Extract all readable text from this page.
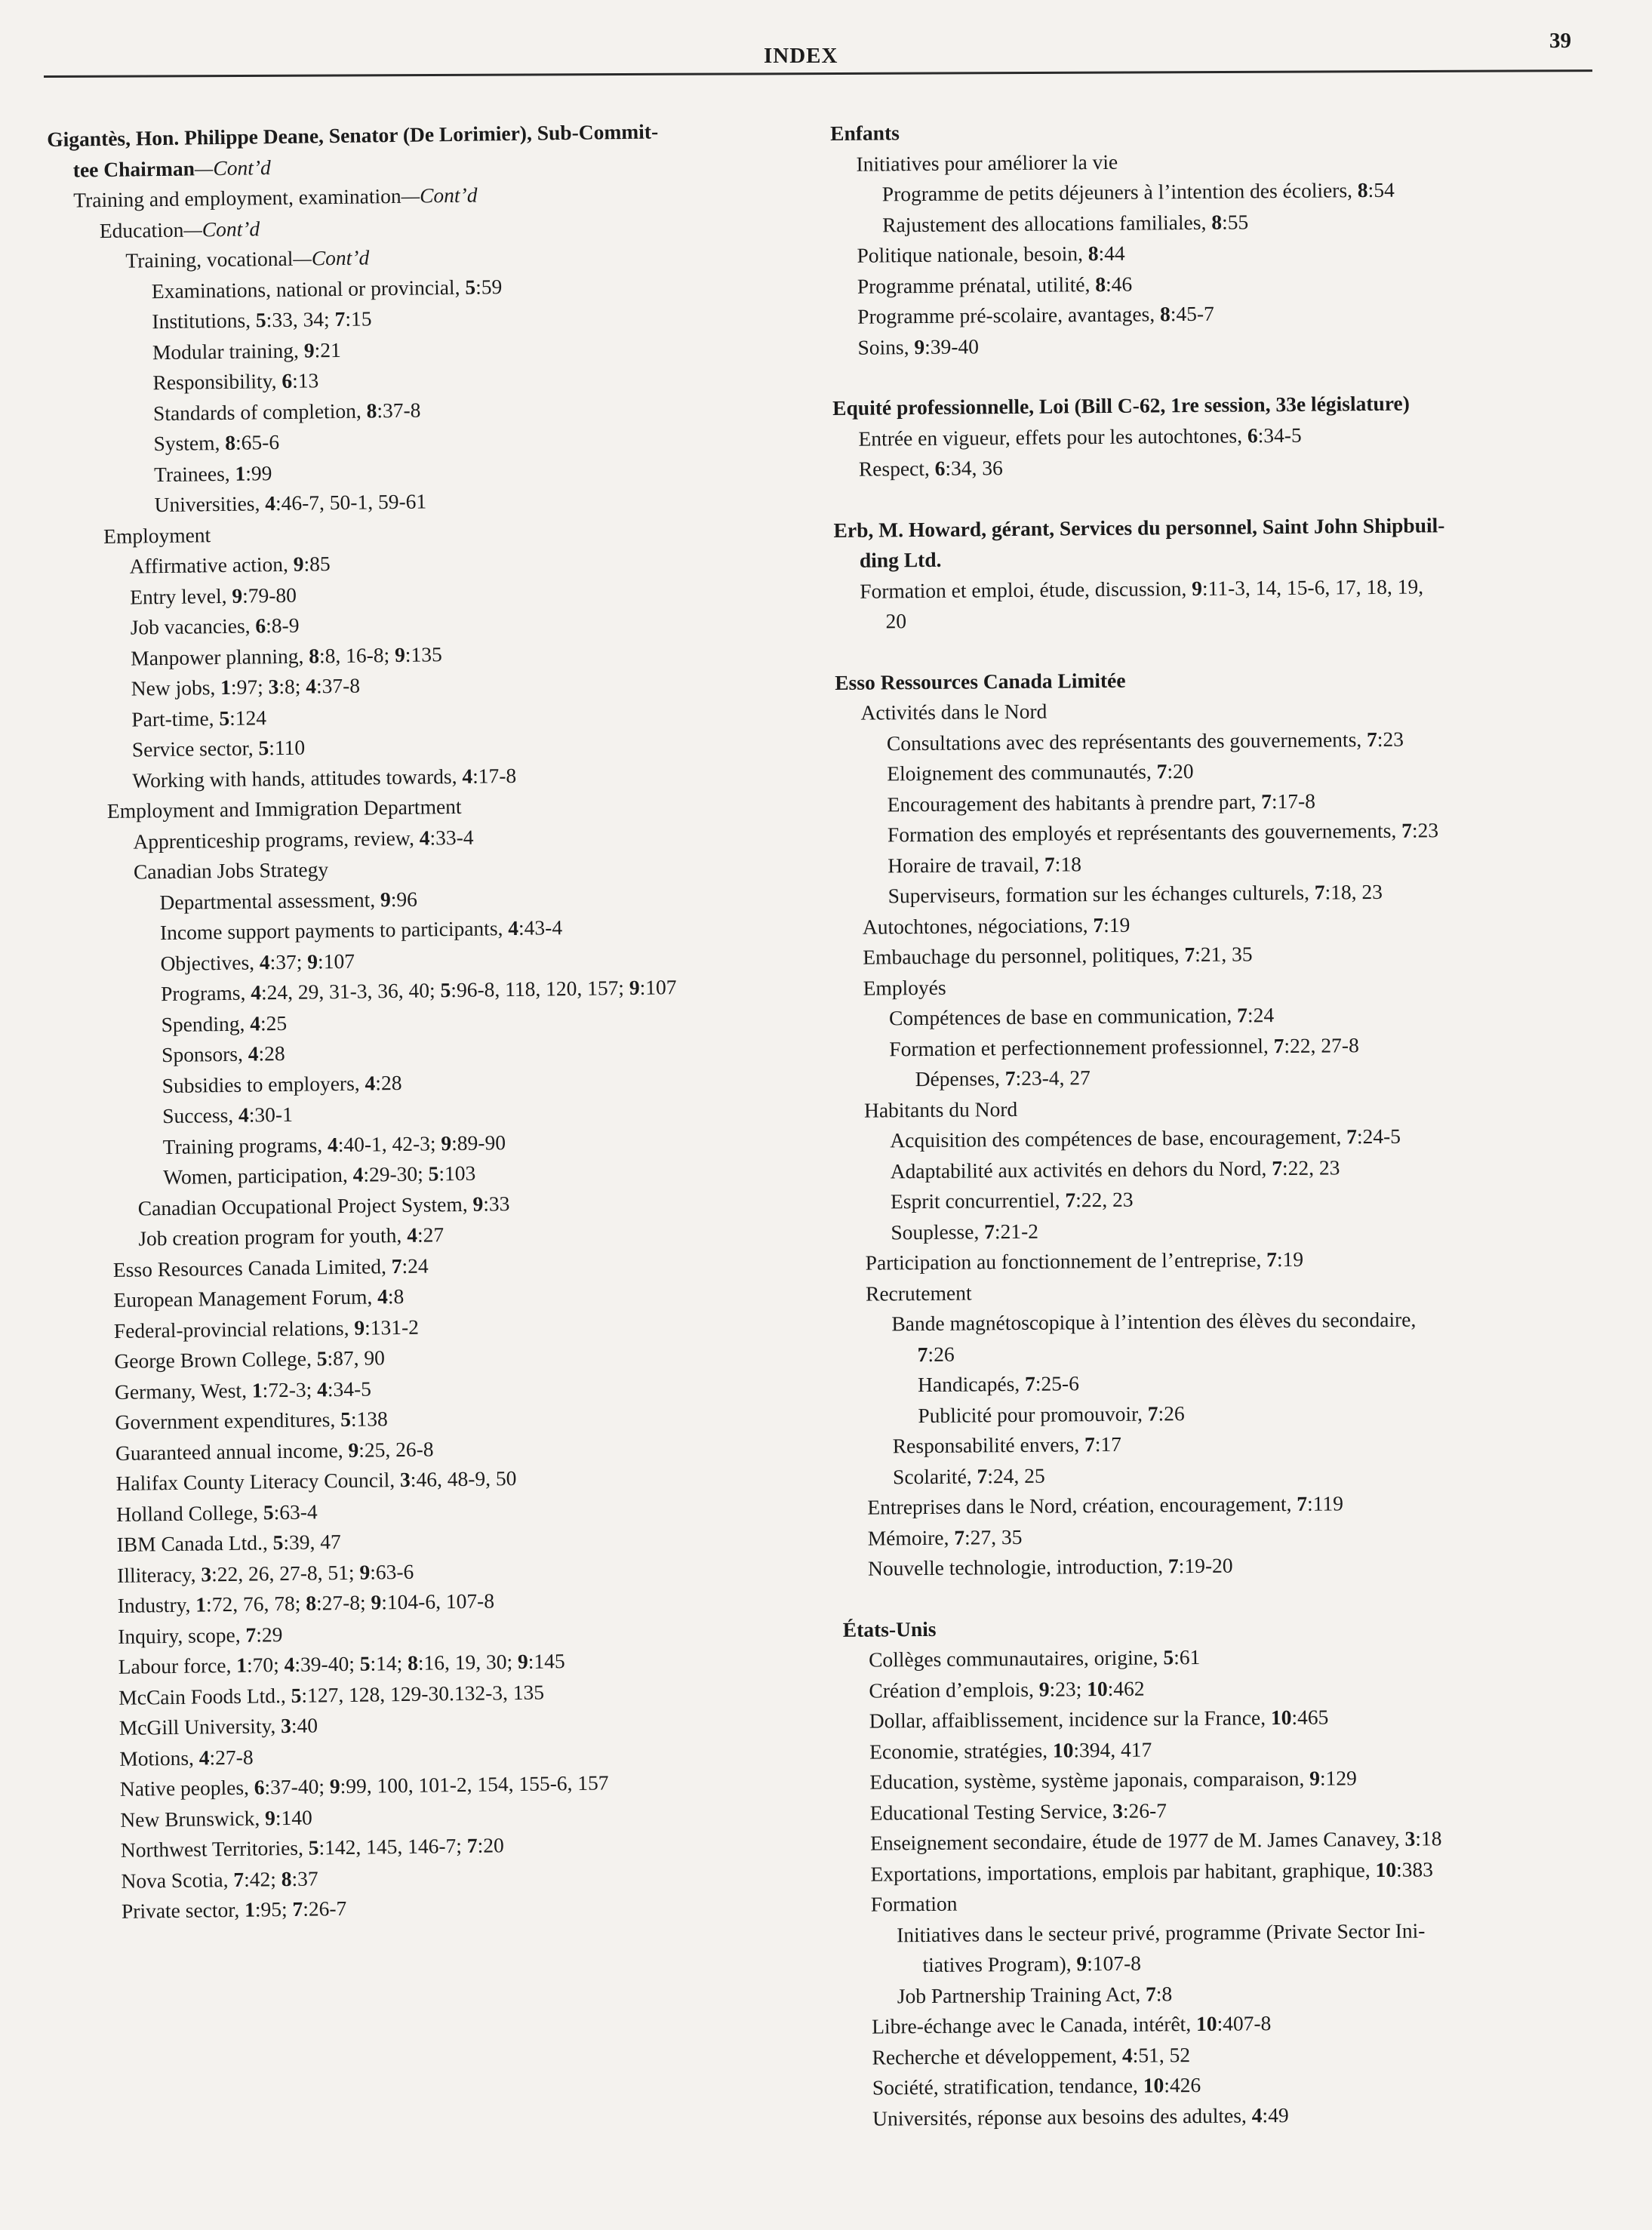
INDEX
39
Gigantès, Hon. Philippe Deane, Senator (De Lorimier), Sub-Commit-
tee Chairman—Cont’d
Training and employment, examination—Cont’d
Education—Cont’d
Training, vocational—Cont’d
Examinations, national or provincial, 5:59
Institutions, 5:33, 34; 7:15
Modular training, 9:21
Responsibility, 6:13
Standards of completion, 8:37-8
System, 8:65-6
Trainees, 1:99
Universities, 4:46-7, 50-1, 59-61
Employment
Affirmative action, 9:85
Entry level, 9:79-80
Job vacancies, 6:8-9
Manpower planning, 8:8, 16-8; 9:135
New jobs, 1:97; 3:8; 4:37-8
Part-time, 5:124
Service sector, 5:110
Working with hands, attitudes towards, 4:17-8
Employment and Immigration Department
Apprenticeship programs, review, 4:33-4
Canadian Jobs Strategy
Departmental assessment, 9:96
Income support payments to participants, 4:43-4
Objectives, 4:37; 9:107
Programs, 4:24, 29, 31-3, 36, 40; 5:96-8, 118, 120, 157; 9:107
Spending, 4:25
Sponsors, 4:28
Subsidies to employers, 4:28
Success, 4:30-1
Training programs, 4:40-1, 42-3; 9:89-90
Women, participation, 4:29-30; 5:103
Canadian Occupational Project System, 9:33
Job creation program for youth, 4:27
Esso Resources Canada Limited, 7:24
European Management Forum, 4:8
Federal-provincial relations, 9:131-2
George Brown College, 5:87, 90
Germany, West, 1:72-3; 4:34-5
Government expenditures, 5:138
Guaranteed annual income, 9:25, 26-8
Halifax County Literacy Council, 3:46, 48-9, 50
Holland College, 5:63-4
IBM Canada Ltd., 5:39, 47
Illiteracy, 3:22, 26, 27-8, 51; 9:63-6
Industry, 1:72, 76, 78; 8:27-8; 9:104-6, 107-8
Inquiry, scope, 7:29
Labour force, 1:70; 4:39-40; 5:14; 8:16, 19, 30; 9:145
McCain Foods Ltd., 5:127, 128, 129-30.132-3, 135
McGill University, 3:40
Motions, 4:27-8
Native peoples, 6:37-40; 9:99, 100, 101-2, 154, 155-6, 157
New Brunswick, 9:140
Northwest Territories, 5:142, 145, 146-7; 7:20
Nova Scotia, 7:42; 8:37
Private sector, 1:95; 7:26-7
Enfants
Initiatives pour améliorer la vie
Programme de petits déjeuners à l’intention des écoliers, 8:54
Rajustement des allocations familiales, 8:55
Politique nationale, besoin, 8:44
Programme prénatal, utilité, 8:46
Programme pré-scolaire, avantages, 8:45-7
Soins, 9:39-40
Equité professionnelle, Loi (Bill C-62, 1re session, 33e législature)
Entrée en vigueur, effets pour les autochtones, 6:34-5
Respect, 6:34, 36
Erb, M. Howard, gérant, Services du personnel, Saint John Shipbuil-
ding Ltd.
Formation et emploi, étude, discussion, 9:11-3, 14, 15-6, 17, 18, 19,
20
Esso Ressources Canada Limitée
Activités dans le Nord
Consultations avec des représentants des gouvernements, 7:23
Eloignement des communautés, 7:20
Encouragement des habitants à prendre part, 7:17-8
Formation des employés et représentants des gouvernements, 7:23
Horaire de travail, 7:18
Superviseurs, formation sur les échanges culturels, 7:18, 23
Autochtones, négociations, 7:19
Embauchage du personnel, politiques, 7:21, 35
Employés
Compétences de base en communication, 7:24
Formation et perfectionnement professionnel, 7:22, 27-8
Dépenses, 7:23-4, 27
Habitants du Nord
Acquisition des compétences de base, encouragement, 7:24-5
Adaptabilité aux activités en dehors du Nord, 7:22, 23
Esprit concurrentiel, 7:22, 23
Souplesse, 7:21-2
Participation au fonctionnement de l’entreprise, 7:19
Recrutement
Bande magnétoscopique à l’intention des élèves du secondaire,
7:26
Handicapés, 7:25-6
Publicité pour promouvoir, 7:26
Responsabilité envers, 7:17
Scolarité, 7:24, 25
Entreprises dans le Nord, création, encouragement, 7:119
Mémoire, 7:27, 35
Nouvelle technologie, introduction, 7:19-20
États-Unis
Collèges communautaires, origine, 5:61
Création d’emplois, 9:23; 10:462
Dollar, affaiblissement, incidence sur la France, 10:465
Economie, stratégies, 10:394, 417
Education, système, système japonais, comparaison, 9:129
Educational Testing Service, 3:26-7
Enseignement secondaire, étude de 1977 de M. James Canavey, 3:18
Exportations, importations, emplois par habitant, graphique, 10:383
Formation
Initiatives dans le secteur privé, programme (Private Sector Ini-
tiatives Program), 9:107-8
Job Partnership Training Act, 7:8
Libre-échange avec le Canada, intérêt, 10:407-8
Recherche et développement, 4:51, 52
Société, stratification, tendance, 10:426
Universités, réponse aux besoins des adultes, 4:49
